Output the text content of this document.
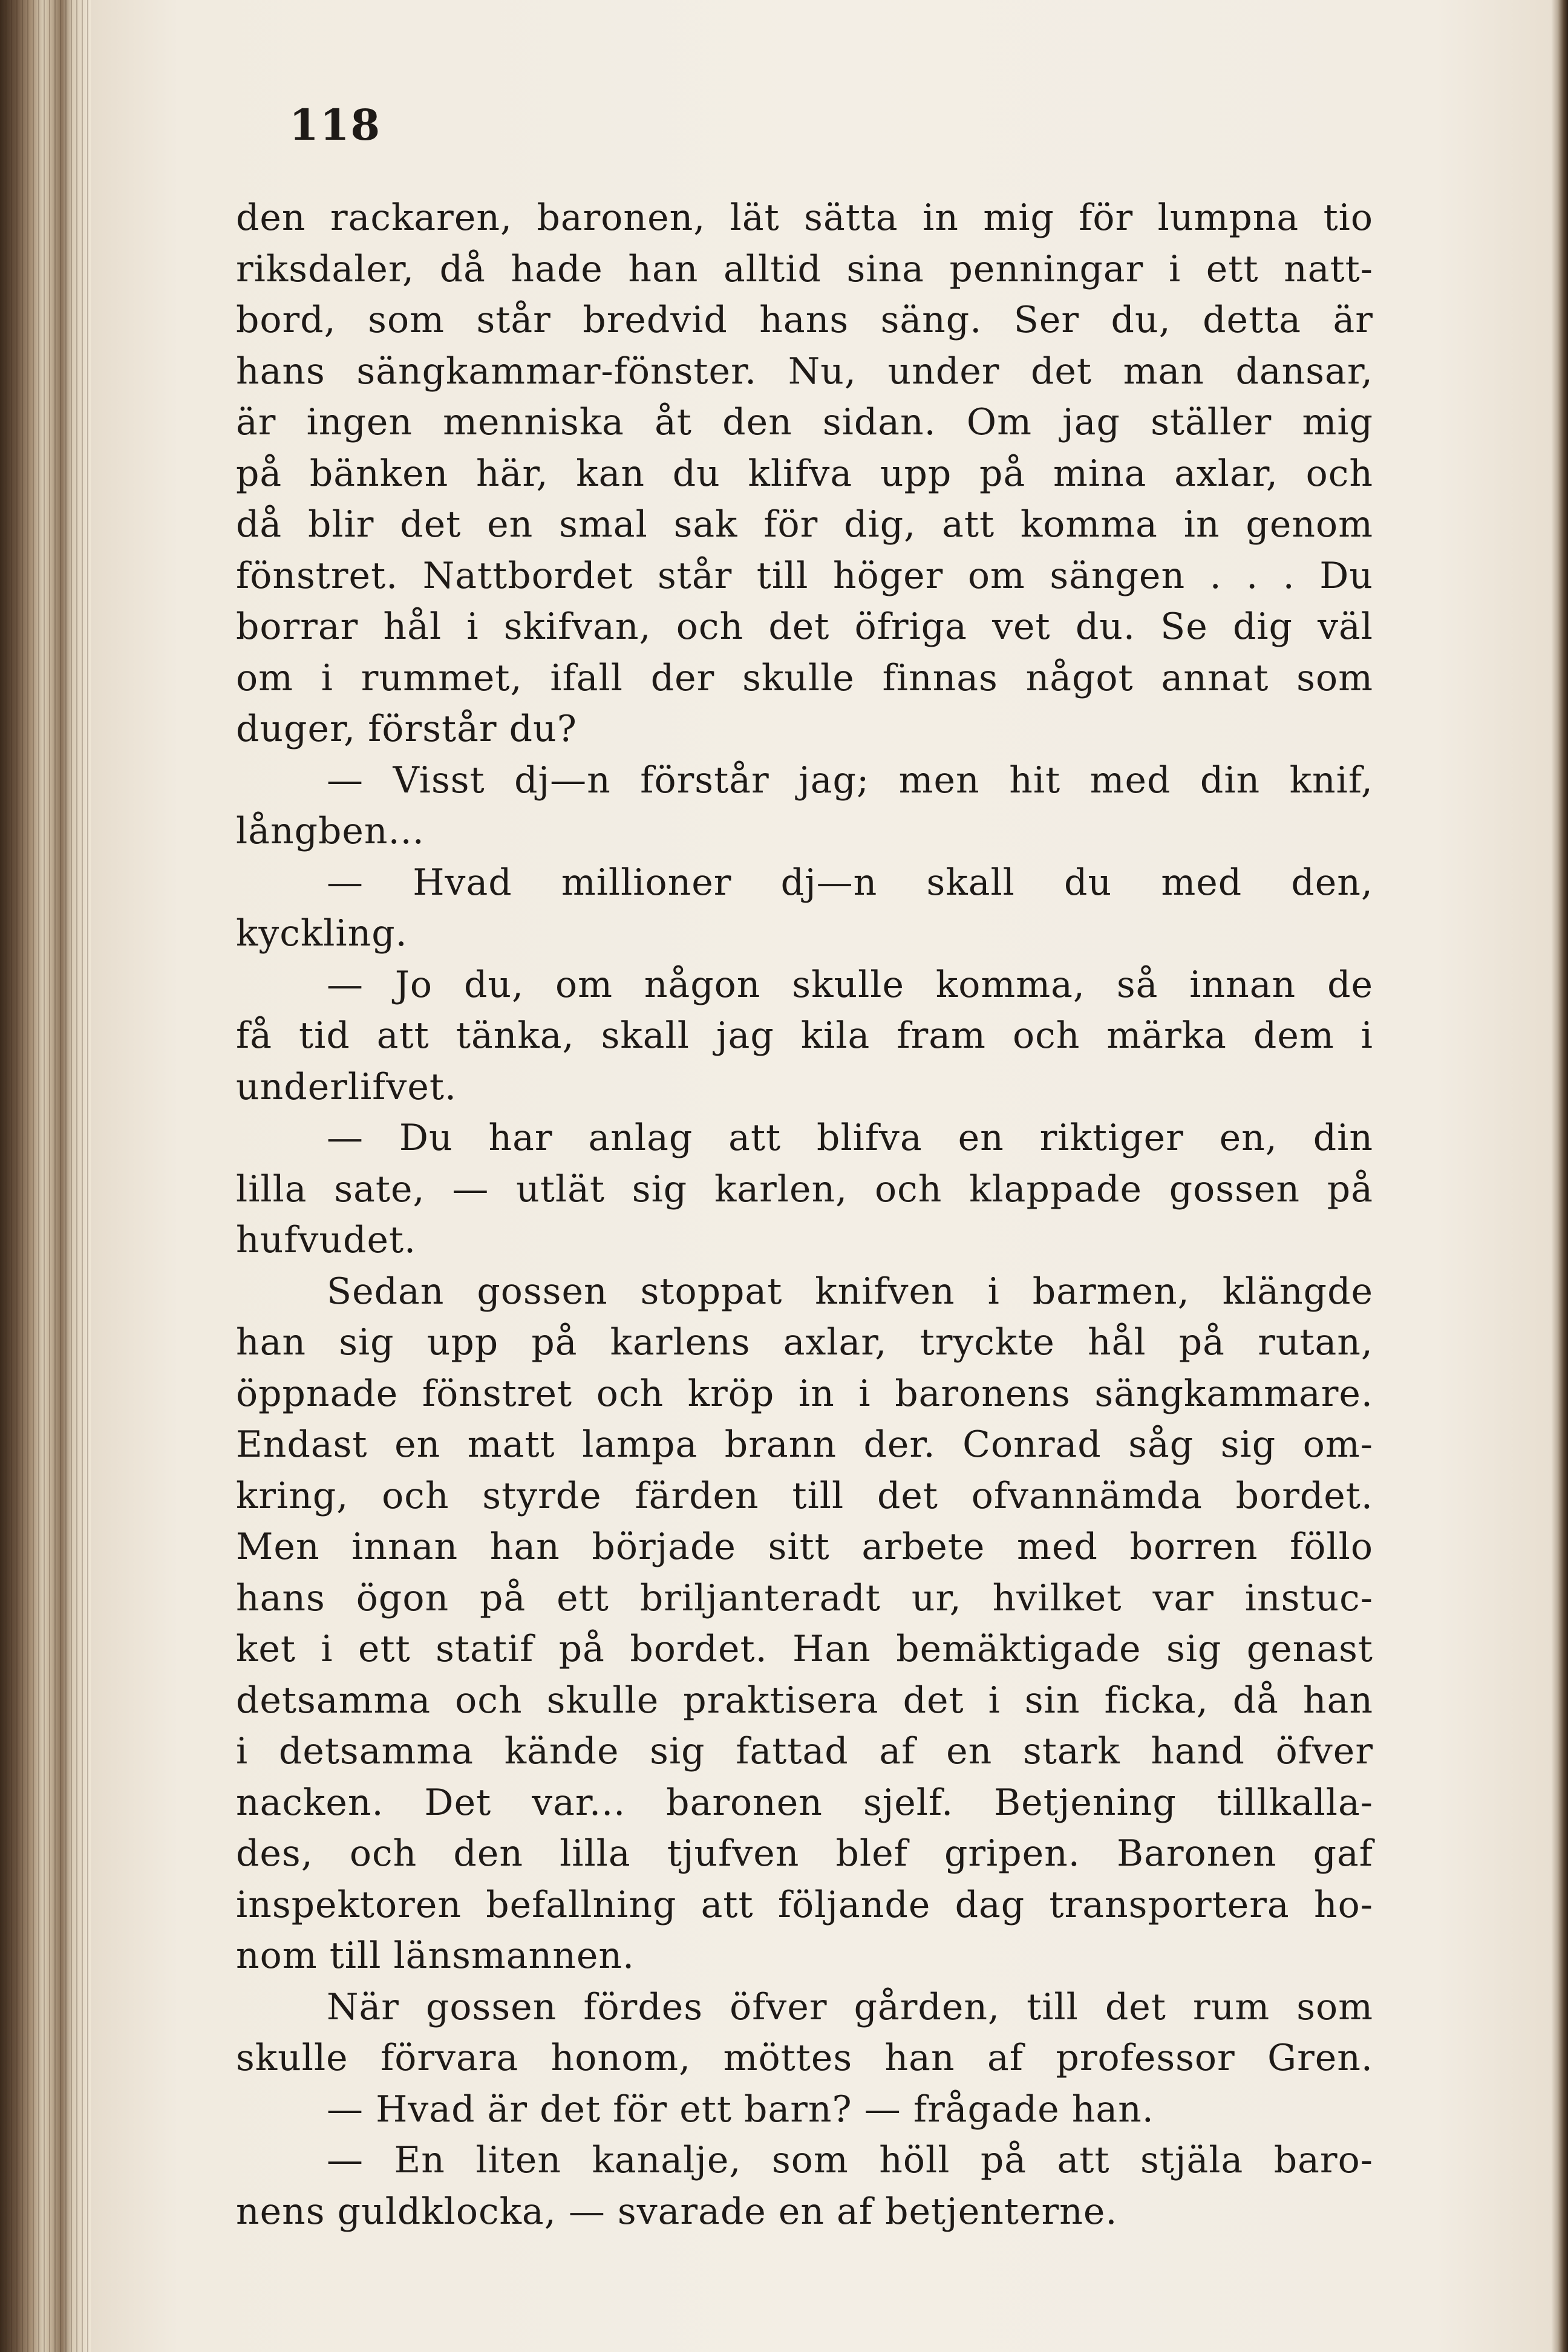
118
den rackaren, baronen, lät sätta in mig för lumpna tio
riksdaler, då hade han alltid sina penningar i ett natt-
bord, som står bredvid hans säng. Ser du, detta är
hans sängkammar-fönster. Nu, under det man dansar,
är ingen menniska åt den sidan. Om jag ställer mig
på bänken här, kan du klifva upp på mina axlar, och
då blir det en smal sak för dig, att komma in genom
fönstret. Nattbordet står till höger om sängen . . . Du
borrar hål i skifvan, och det öfriga vet du. Se dig väl
om i rummet, ifall der skulle finnas något annat som
duger, förstår du?
— Visst dj—n förstår jag; men hit med din knif,
långben...
— Hvad millioner dj—n skall du med den,
kyckling.
— Jo du, om någon skulle komma, så innan de
få tid att tänka, skall jag kila fram och märka dem i
underlifvet.
— Du har anlag att blifva en riktiger en, din
lilla sate, — utlät sig karlen, och klappade gossen på
hufvudet.
Sedan gossen stoppat knifven i barmen, klängde
han sig upp på karlens axlar, tryckte hål på rutan,
öppnade fönstret och kröp in i baronens sängkammare.
Endast en matt lampa brann der. Conrad såg sig om-
kring, och styrde färden till det ofvannämda bordet.
Men innan han började sitt arbete med borren föllo
hans ögon på ett briljanteradt ur, hvilket var instuc-
ket i ett statif på bordet. Han bemäktigade sig genast
detsamma och skulle praktisera det i sin ficka, då han
i detsamma kände sig fattad af en stark hand öfver
nacken. Det var... baronen sjelf. Betjening tillkalla-
des, och den lilla tjufven blef gripen. Baronen gaf
inspektoren befallning att följande dag transportera ho-
nom till länsmannen.
När gossen fördes öfver gården, till det rum som
skulle förvara honom, möttes han af professor Gren.
— Hvad är det för ett barn? — frågade han.
— En liten kanalje, som höll på att stjäla baro-
nens guldklocka, — svarade en af betjenterne.
